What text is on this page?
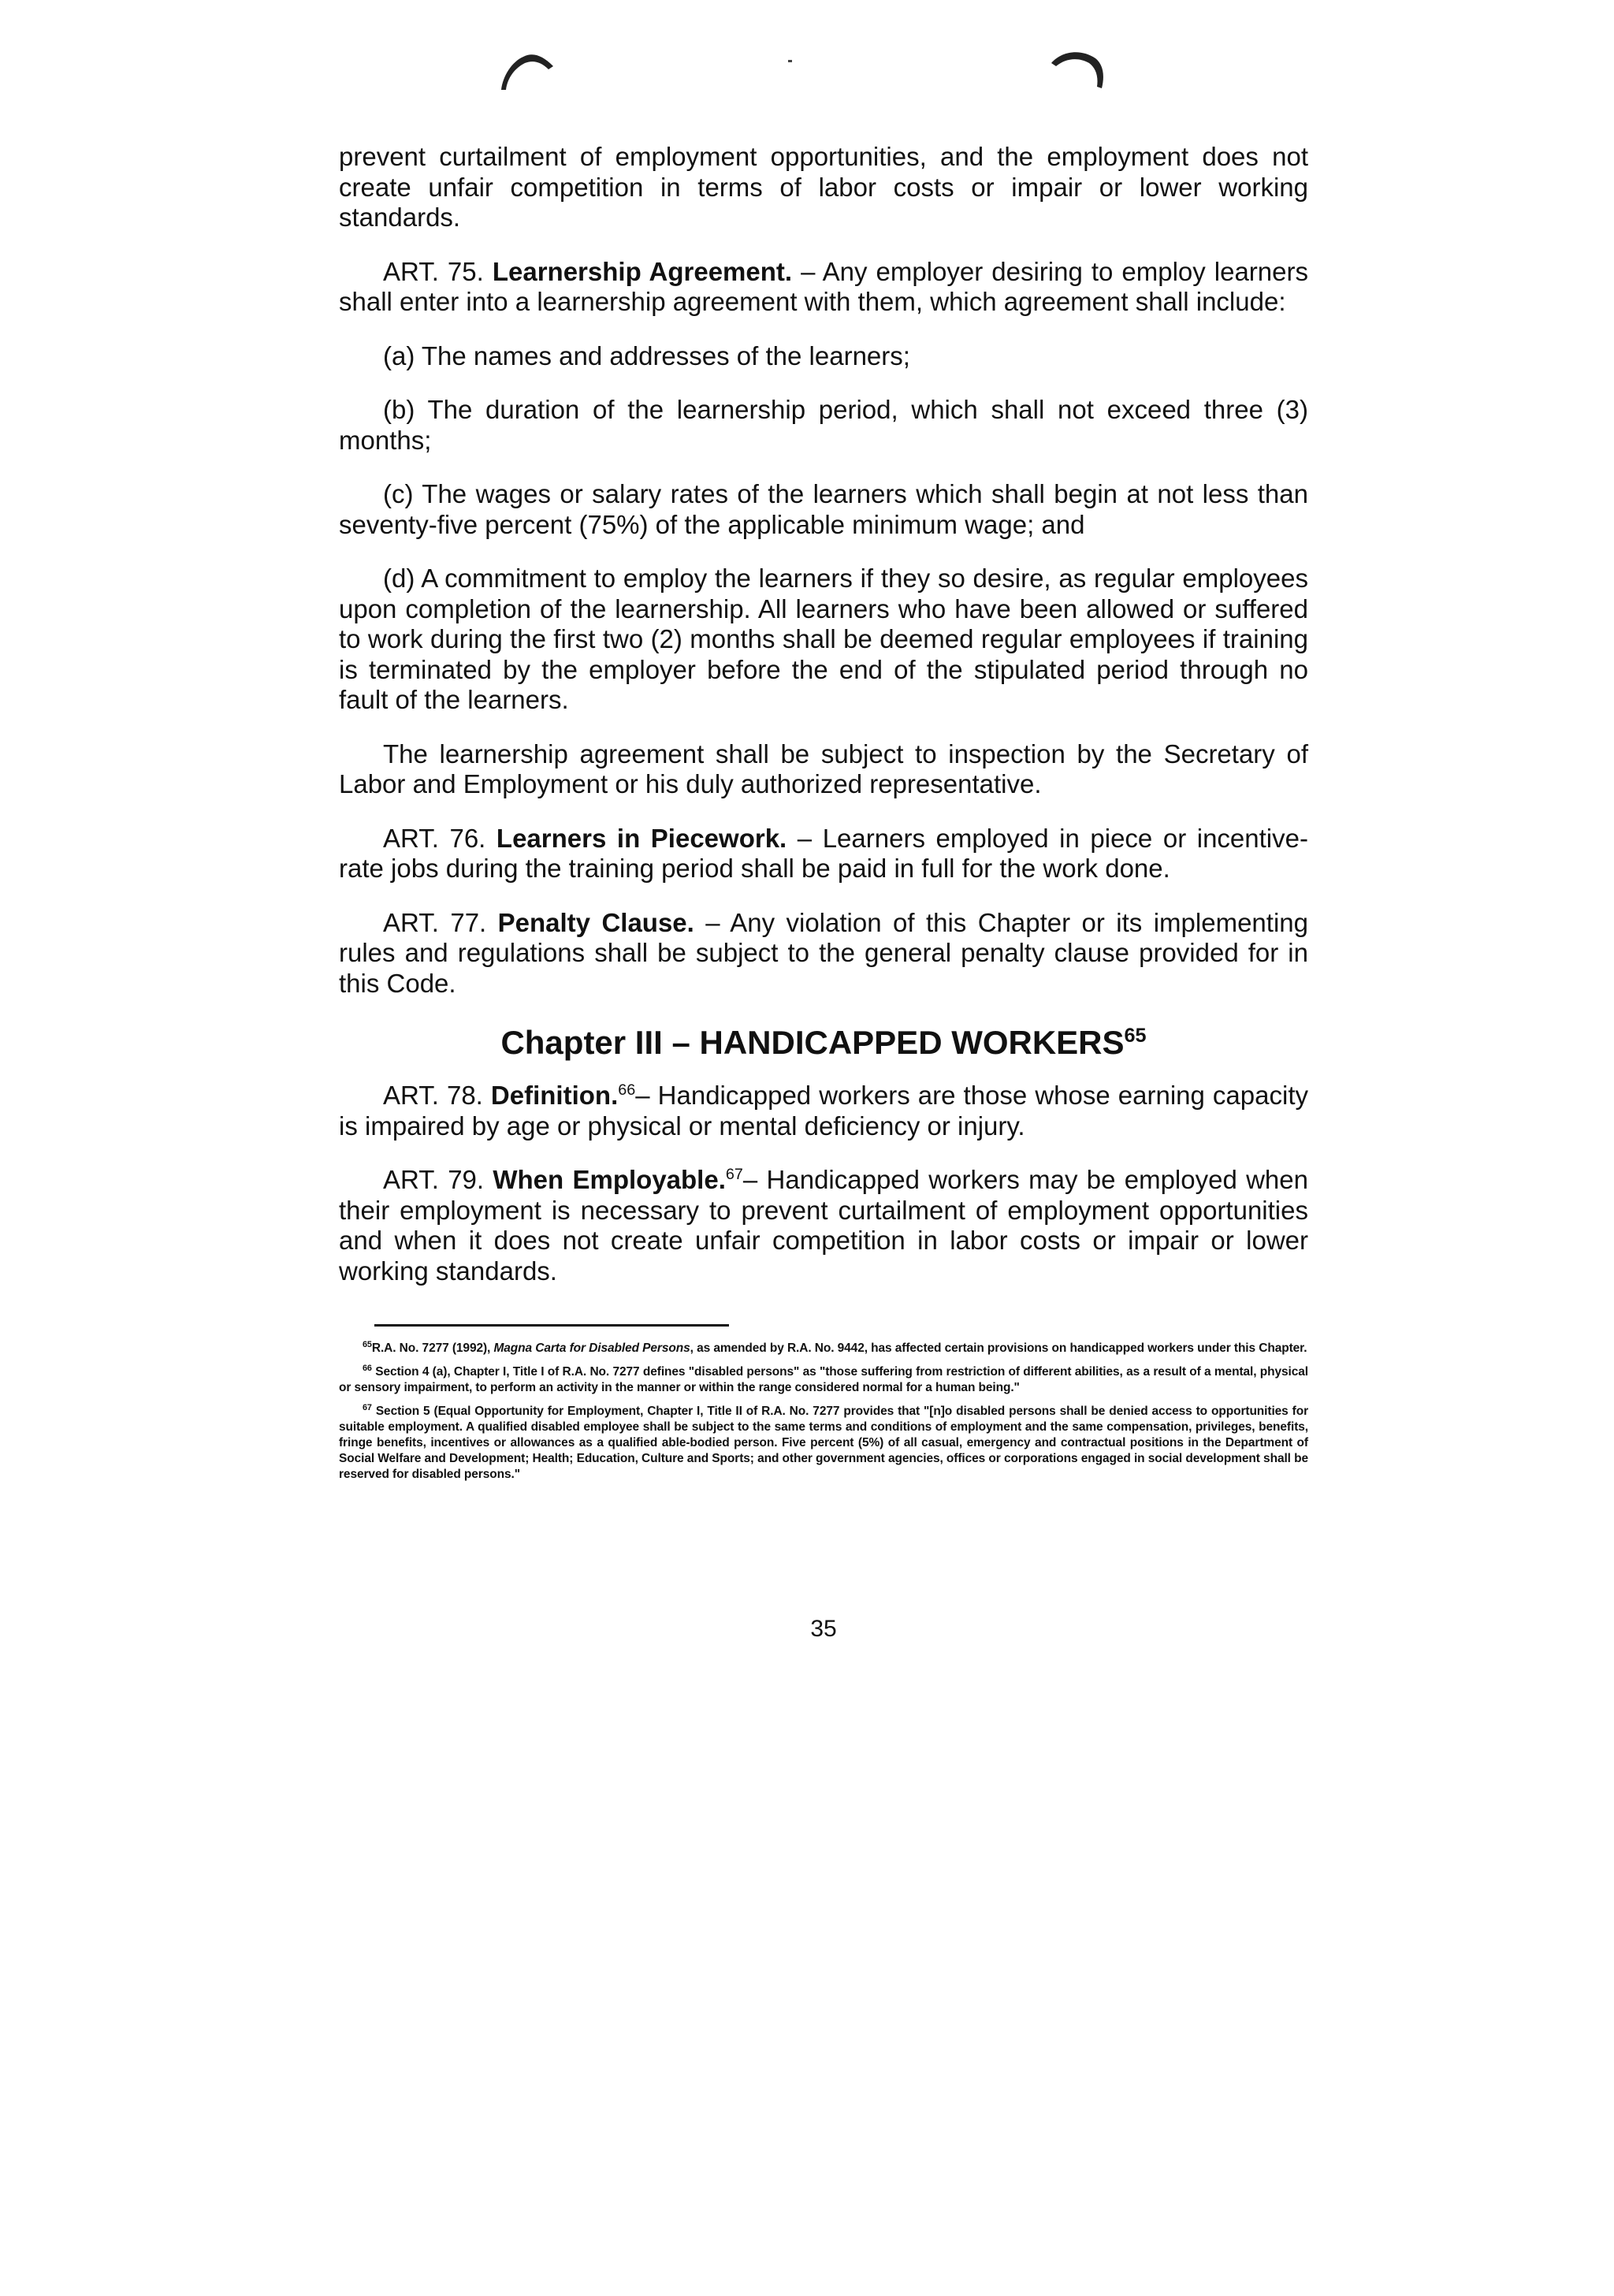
prevent curtailment of employment opportunities, and the employment does not create unfair competition in terms of labor costs or impair or lower working standards.

ART. 75. Learnership Agreement. – Any employer desiring to employ learners shall enter into a learnership agreement with them, which agreement shall include:

(a) The names and addresses of the learners;

(b) The duration of the learnership period, which shall not exceed three (3) months;

(c) The wages or salary rates of the learners which shall begin at not less than seventy-five percent (75%) of the applicable minimum wage; and

(d) A commitment to employ the learners if they so desire, as regular employees upon completion of the learnership. All learners who have been allowed or suffered to work during the first two (2) months shall be deemed regular employees if training is terminated by the employer before the end of the stipulated period through no fault of the learners.

The learnership agreement shall be subject to inspection by the Secretary of Labor and Employment or his duly authorized representative.

ART. 76. Learners in Piecework. – Learners employed in piece or incentive-rate jobs during the training period shall be paid in full for the work done.

ART. 77. Penalty Clause. – Any violation of this Chapter or its implementing rules and regulations shall be subject to the general penalty clause provided for in this Code.

Chapter III – HANDICAPPED WORKERS$^{65}$

ART. 78. Definition.$^{66}$– Handicapped workers are those whose earning capacity is impaired by age or physical or mental deficiency or injury.

ART. 79. When Employable.$^{67}$– Handicapped workers may be employed when their employment is necessary to prevent curtailment of employment opportunities and when it does not create unfair competition in labor costs or impair or lower working standards.

$^{65}$R.A. No. 7277 (1992), Magna Carta for Disabled Persons, as amended by R.A. No. 9442, has affected certain provisions on handicapped workers under this Chapter.

$^{66}$ Section 4 (a), Chapter I, Title I of R.A. No. 7277 defines "disabled persons" as "those suffering from restriction of different abilities, as a result of a mental, physical or sensory impairment, to perform an activity in the manner or within the range considered normal for a human being."

$^{67}$ Section 5 (Equal Opportunity for Employment, Chapter I, Title II of R.A. No. 7277 provides that "[n]o disabled persons shall be denied access to opportunities for suitable employment. A qualified disabled employee shall be subject to the same terms and conditions of employment and the same compensation, privileges, benefits, fringe benefits, incentives or allowances as a qualified able-bodied person. Five percent (5%) of all casual, emergency and contractual positions in the Department of Social Welfare and Development; Health; Education, Culture and Sports; and other government agencies, offices or corporations engaged in social development shall be reserved for disabled persons."

35
